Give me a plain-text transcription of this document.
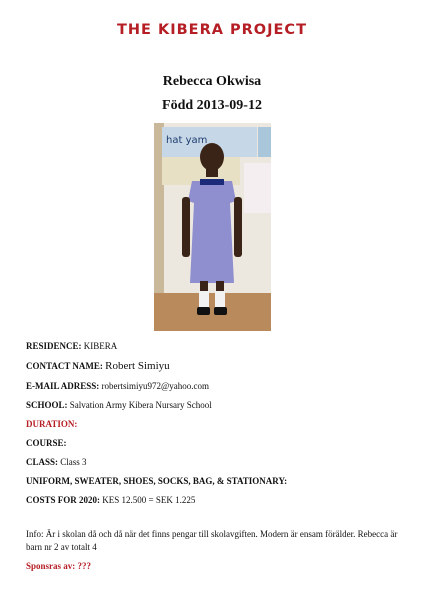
THE KIBERA PROJECT
Rebecca Okwisa
Född 2013-09-12
hat yam
RESIDENCE: KIBERA
CONTACT NAME: Robert Simiyu
E-MAIL ADRESS: robertsimiyu972@yahoo.com
SCHOOL: Salvation Army Kibera Nursary School
DURATION:
COURSE:
CLASS: Class 3
UNIFORM, SWEATER, SHOES, SOCKS, BAG, & STATIONARY:
COSTS FOR 2020: KES 12.500 = SEK 1.225
Info: Är i skolan då och då när det finns pengar till skolavgiften. Modern är ensam förälder. Rebecca är barn nr 2 av totalt 4
Sponsras av: ???
